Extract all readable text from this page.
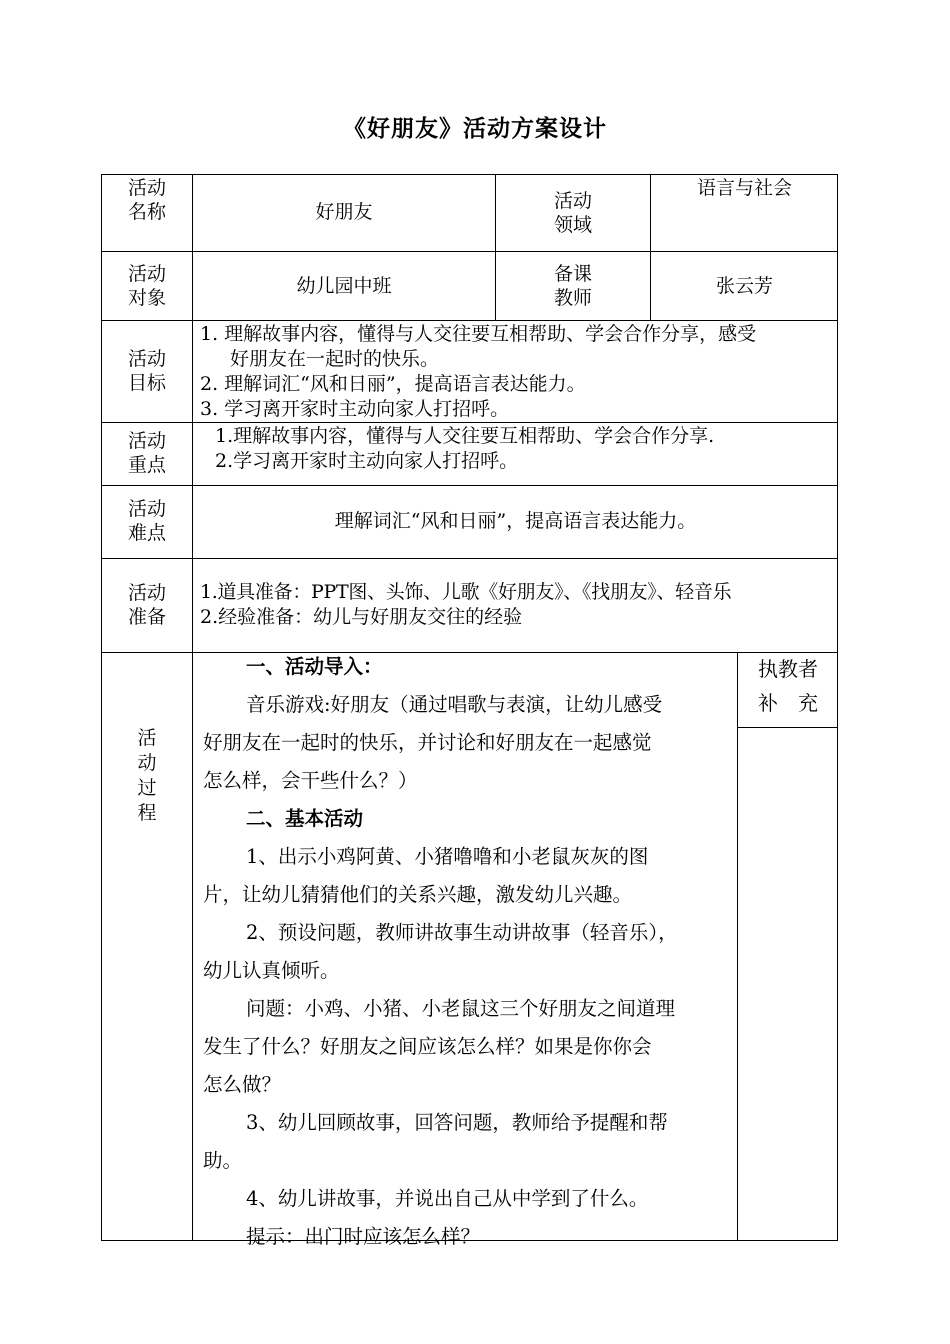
《好朋友》活动方案设计
活动
名称	好朋友	活动
领域
语言与社会
活动
对象
幼儿园中班
备课
教师
张云芳
活动
目标
1. 理解故事内容，懂得与人交往要互相帮助、学会合作分享，感受
好朋友在一起时的快乐。
2. 理解词汇“风和日丽”，提高语言表达能力。
3. 学习离开家时主动向家人打招呼。
活动
重点
1.理解故事内容，懂得与人交往要互相帮助、学会合作分享.
2.学习离开家时主动向家人打招呼。
活动
难点
理解词汇“风和日丽”，提高语言表达能力。
活动
准备
1.道具准备：PPT图、头饰、儿歌《好朋友》、《找朋友》、轻音乐
2.经验准备：幼儿与好朋友交往的经验
活
动
过
程
执教者
补　充
一、活动导入：
音乐游戏:好朋友（通过唱歌与表演，让幼儿感受
好朋友在一起时的快乐，并讨论和好朋友在一起感觉
怎么样，会干些什么？）
二、基本活动
1、出示小鸡阿黄、小猪噜噜和小老鼠灰灰的图
片，让幼儿猜猜他们的关系兴趣，激发幼儿兴趣。
2、预设问题，教师讲故事生动讲故事（轻音乐），
幼儿认真倾听。
问题：小鸡、小猪、小老鼠这三个好朋友之间道理
发生了什么？好朋友之间应该怎么样？如果是你你会
怎么做？
3、幼儿回顾故事，回答问题，教师给予提醒和帮
助。
4、幼儿讲故事，并说出自己从中学到了什么。
提示：出门时应该怎么样？
